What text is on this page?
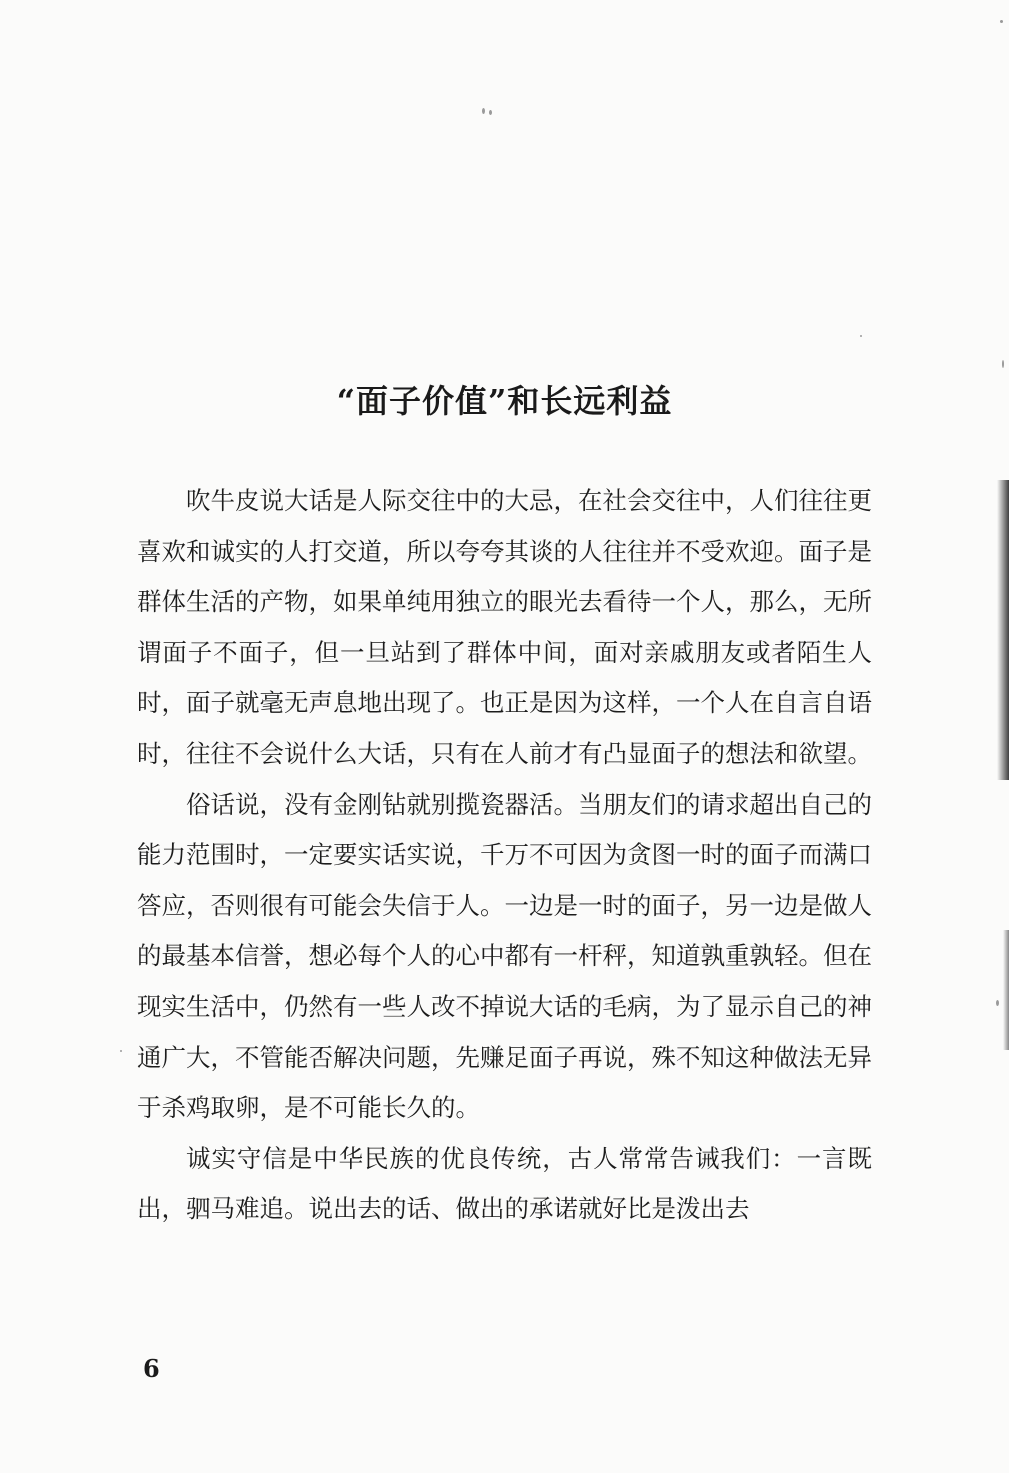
“面子价值”和长远利益

吹牛皮说大话是人际交往中的大忌，在社会交往中，人们往往更喜欢和诚实的人打交道，所以夸夸其谈的人往往并不受欢迎。面子是群体生活的产物，如果单纯用独立的眼光去看待一个人，那么，无所谓面子不面子，但一旦站到了群体中间，面对亲戚朋友或者陌生人时，面子就毫无声息地出现了。也正是因为这样，一个人在自言自语时，往往不会说什么大话，只有在人前才有凸显面子的想法和欲望。

俗话说，没有金刚钻就别揽瓷器活。当朋友们的请求超出自己的能力范围时，一定要实话实说，千万不可因为贪图一时的面子而满口答应，否则很有可能会失信于人。一边是一时的面子，另一边是做人的最基本信誉，想必每个人的心中都有一杆秤，知道孰重孰轻。但在现实生活中，仍然有一些人改不掉说大话的毛病，为了显示自己的神通广大，不管能否解决问题，先赚足面子再说，殊不知这种做法无异于杀鸡取卵，是不可能长久的。

诚实守信是中华民族的优良传统，古人常常告诫我们：一言既出，驷马难追。说出去的话、做出的承诺就好比是泼出去

6
